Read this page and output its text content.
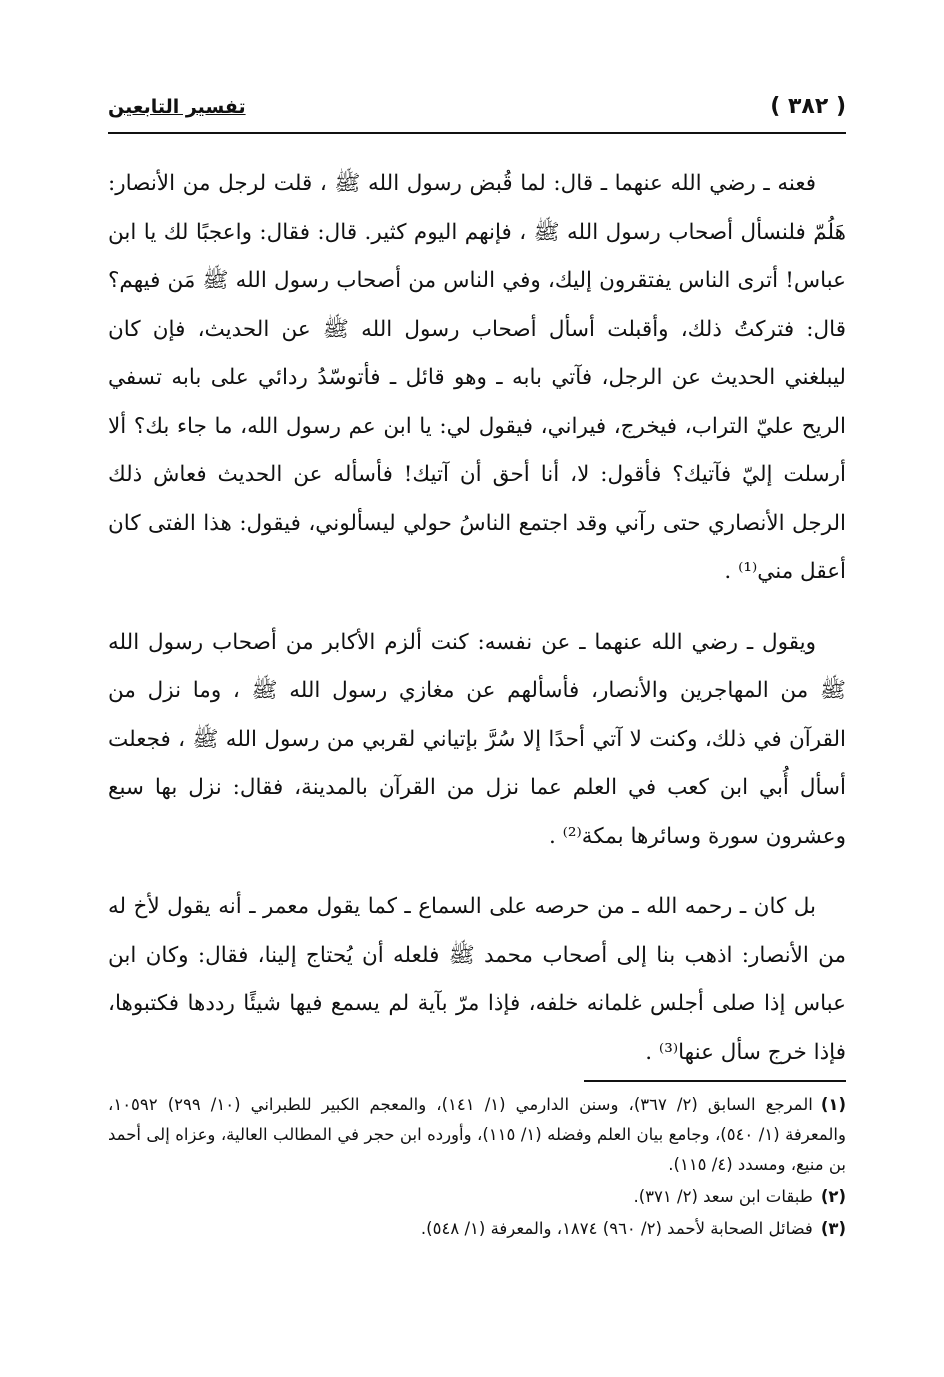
( ٣٨٢ )
تفسير التابعين

فعنه ـ رضي الله عنهما ـ قال: لما قُبض رسول الله ﷺ ، قلت لرجل من الأنصار: هَلُمّ فلنسأل أصحاب رسول الله ﷺ ، فإنهم اليوم كثير. قال: فقال: واعجبًا لك يا ابن عباس! أترى الناس يفتقرون إليك، وفي الناس من أصحاب رسول الله ﷺ مَن فيهم؟ قال: فتركتُ ذلك، وأقبلت أسأل أصحاب رسول الله ﷺ عن الحديث، فإن كان ليبلغني الحديث عن الرجل، فآتي بابه ـ وهو قائل ـ فأتوسّدُ ردائي على بابه تسفي الريح عليّ التراب، فيخرج، فيراني، فيقول لي: يا ابن عم رسول الله، ما جاء بك؟ ألا أرسلت إليّ فآتيك؟ فأقول: لا، أنا أحق أن آتيك! فأسأله عن الحديث فعاش ذلك الرجل الأنصاري حتى رآني وقد اجتمع الناسُ حولي ليسألوني، فيقول: هذا الفتى كان أعقل مني⁽¹⁾ .

ويقول ـ رضي الله عنهما ـ عن نفسه: كنت ألزم الأكابر من أصحاب رسول الله ﷺ من المهاجرين والأنصار، فأسألهم عن مغازي رسول الله ﷺ ، وما نزل من القرآن في ذلك، وكنت لا آتي أحدًا إلا سُرَّ بإتياني لقربي من رسول الله ﷺ ، فجعلت أسأل أُبي ابن كعب في العلم عما نزل من القرآن بالمدينة، فقال: نزل بها سبع وعشرون سورة وسائرها بمكة⁽²⁾ .

بل كان ـ رحمه الله ـ من حرصه على السماع ـ كما يقول معمر ـ أنه يقول لأخ له من الأنصار: اذهب بنا إلى أصحاب محمد ﷺ فلعله أن يُحتاج إلينا، فقال: وكان ابن عباس إذا صلى أجلس غلمانه خلفه، فإذا مرّ بآية لم يسمع فيها شيئًا رددها فكتبوها، فإذا خرج سأل عنها⁽³⁾ .

(١)المرجع السابق (٢/ ٣٦٧)، وسنن الدارمي (١/ ١٤١)، والمعجم الكبير للطبراني (١٠/ ٢٩٩) ١٠٥٩٢، والمعرفة (١/ ٥٤٠)، وجامع بيان العلم وفضله (١/ ١١٥)، وأورده ابن حجر في المطالب العالية، وعزاه إلى أحمد بن منيع، ومسدد (٤/ ١١٥).

(٢)طبقات ابن سعد (٢/ ٣٧١).

(٣)فضائل الصحابة لأحمد (٢/ ٩٦٠) ١٨٧٤، والمعرفة (١/ ٥٤٨).
